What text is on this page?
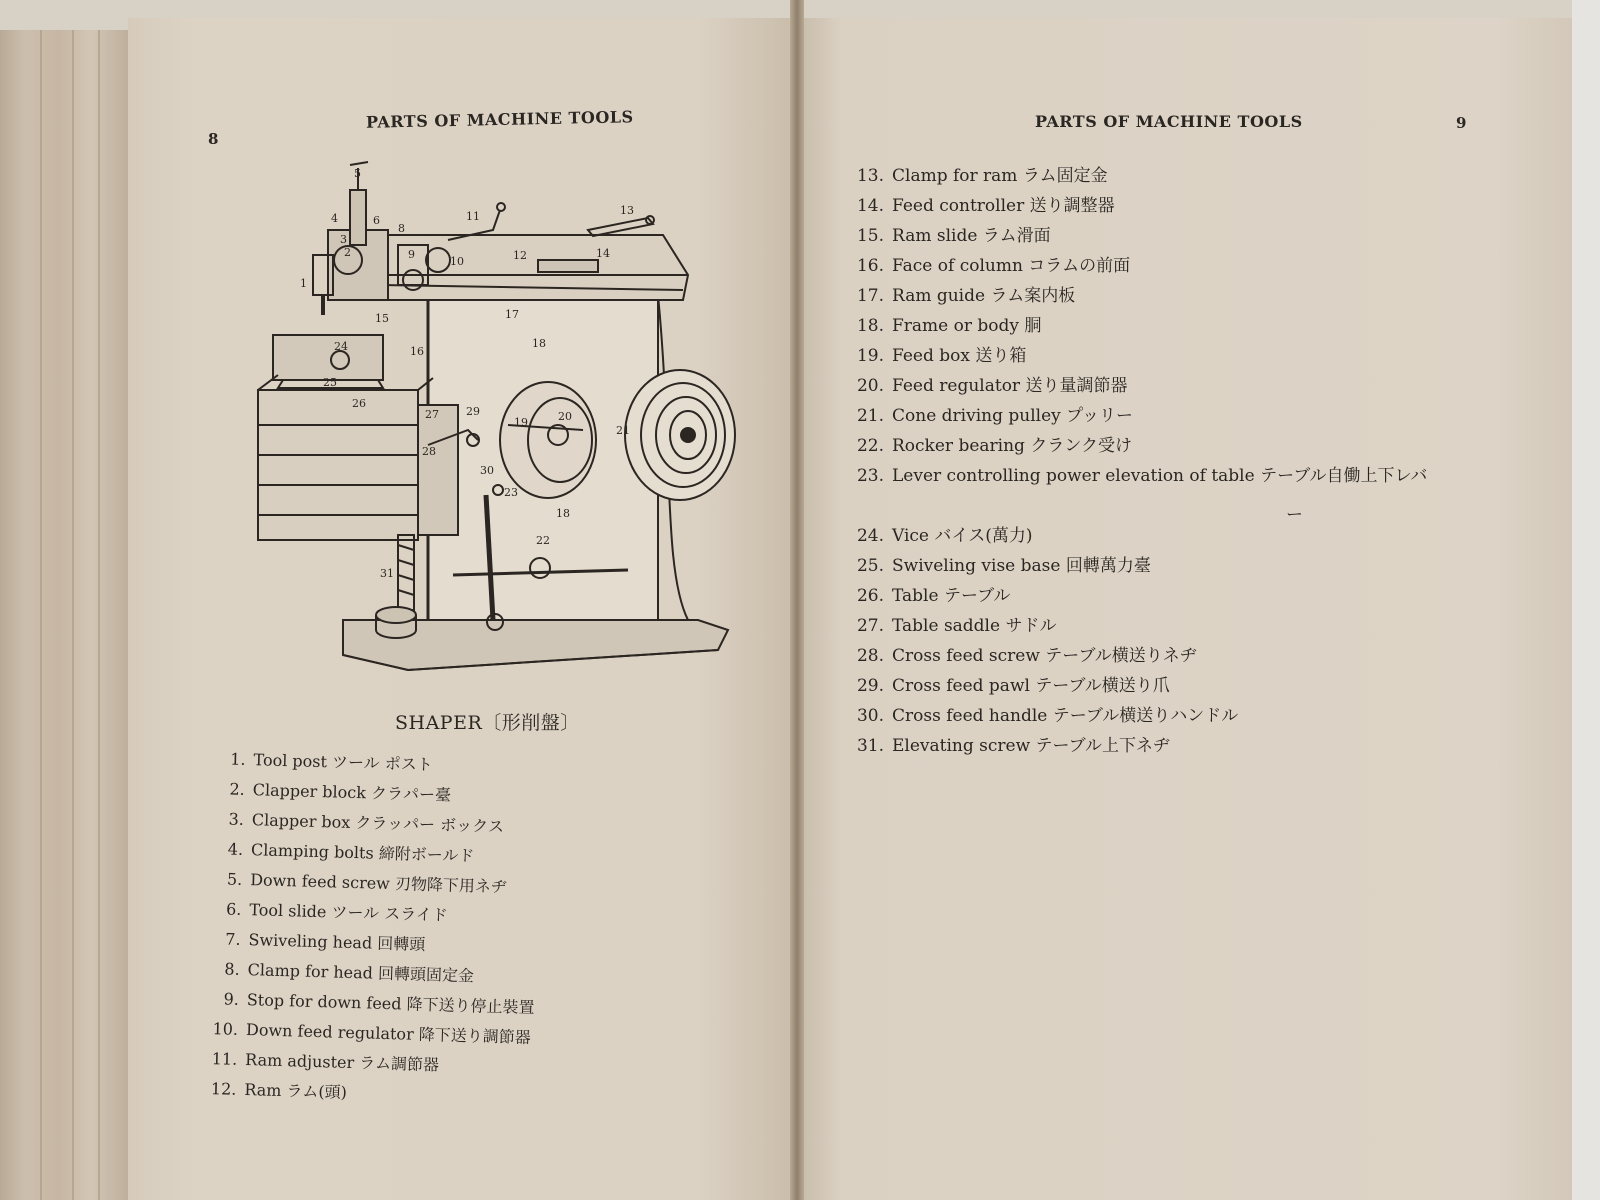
8
PARTS OF MACHINE TOOLS	PARTS OF MACHINE TOOLS	9
1
2
3
4
5
6
8
9
10
11
12
13
14
15
16
17
18
18
19	20
21
22
23
24
25
26
27
28
29
30
31
SHAPER〔形削盤〕
1. Tool post ツール ポスト
2. Clapper block クラパー臺
3. Clapper box クラッパー ボックス
4. Clamping bolts 締附ボールド
5. Down feed screw 刃物降下用ネヂ
6. Tool slide ツール スライド
7. Swiveling head 回轉頭
8. Clamp for head 回轉頭固定金
9. Stop for down feed 降下送り停止裝置
10. Down feed regulator 降下送り調節器
11. Ram adjuster ラム調節器
12. Ram ラム(頭)
13. Clamp for ram ラム固定金
14. Feed controller 送り調整器
15. Ram slide ラム滑面
16. Face of column コラムの前面
17. Ram guide ラム案内板
18. Frame or body 胴
19. Feed box 送り箱
20. Feed regulator 送り量調節器
21. Cone driving pulley プッリー
22. Rocker bearing クランク受け
23. Lever controlling power elevation of table テーブル自働上下レバ
24. Vice バイス(萬力)
25. Swiveling vise base 回轉萬力臺
26. Table テーブル
27. Table saddle サドル
28. Cross feed screw テーブル横送りネヂ
29. Cross feed pawl テーブル横送り爪
30. Cross feed handle テーブル横送りハンドル
31. Elevating screw テーブル上下ネヂ
ー
